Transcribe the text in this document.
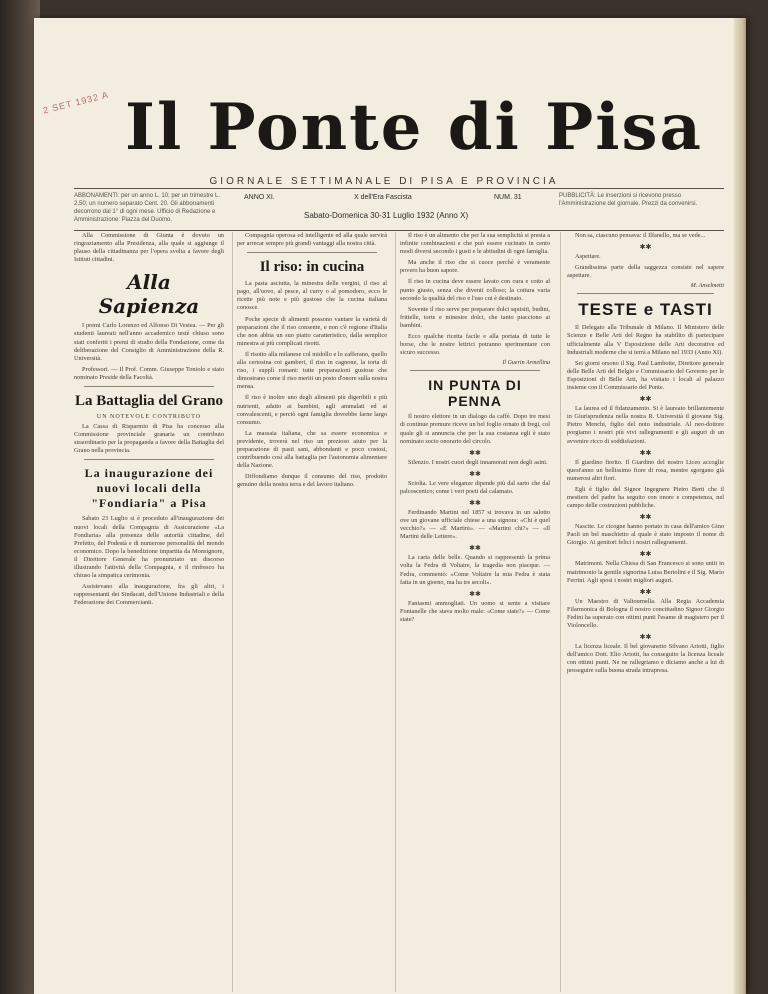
2 SET 1932 A Il Ponte di Pisa
GIORNALE SETTIMANALE DI PISA E PROVINCIA
ABBONAMENTI: per un anno L. 10; per un trimestre L. 2,50; un numero separato Cent. 20. Gli abbonamenti decorrono dal 1° di ogni mese. Ufficio di Redazione e Amministrazione: Piazza del Duomo.
ANNO XI.	X dell'Era Fascista	NUM. 31
Sabato-Domenica 30-31 Luglio 1932 (Anno X)
PUBBLICITÀ: Le inserzioni si ricevono presso l'Amministrazione del giornale. Prezzi da convenirsi.

Alla Commissione di Giunta è dovuto un ringraziamento alla Presidenza, alla quale si aggiunge il plauso della cittadinanza per l'opera svolta a favore degli Istituti cittadini.

Alla Sapienza

I premi Carlo Lorenzo ed Alfonso Di Vestea. — Per gli studenti laureati nell'anno accademico testè chiuso sono stati conferiti i premi di studio della Fondazione, come da deliberazione del Consiglio di Amministrazione della R. Università.

Professori. — Il Prof. Comm. Giuseppe Toniolo e stato nominato Preside della Facoltà.

La Battaglia del Grano
UN NOTEVOLE CONTRIBUTO

La Cassa di Risparmio di Pisa ha concesso alla Commissione provinciale granaria un contributo straordinario per la propaganda a favore della Battaglia del Grano nella provincia.

La inaugurazione dei nuovi locali della "Fondiaria" a Pisa

Sabato 23 Luglio si è proceduto all'inaugurazione dei nuovi locali della Compagnia di Assicurazione «La Fondiaria» alla presenza delle autorità cittadine, del Prefetto, del Podestà e di numerose personalità del mondo economico. Dopo la benedizione impartita da Monsignore, il Direttore Generale ha pronunziato un discorso illustrando l'attività della Compagnia, e il rinfresco ha chiuso la simpatica cerimonia.

Assistevano alla inaugurazione, fra gli altri, i rappresentanti dei Sindacati, dell'Unione Industriali e della Federazione dei Commercianti.

Compagnia operosa ed intelligente ed alla quale servirà per arrecar sempre più grandi vantaggi alla nostra città.

Il riso: in cucina

La pasta asciutta, la minestra delle vergini, il riso al pago, all'uovo, al pesce, al curry o al pomodoro, ecco le ricette più note e più gustose che la cucina italiana conosce.

Poche specie di alimenti possono vantare la varietà di preparazioni che il riso consente, e non c'è regione d'Italia che non abbia un suo piatto caratteristico, dalla semplice minestra ai più complicati risotti.

Il risotto alla milanese col midollo e lo zafferano, quello alla certosina coi gamberi, il riso in cagnone, la torta di riso, i supplì romani: tutte preparazioni gustose che dimostrano come il riso meriti un posto d'onore sulla nostra mensa.

Il riso è inoltre uno degli alimenti più digeribili e più nutrienti, adatto ai bambini, agli ammalati ed ai convalescenti, e perciò ogni famiglia dovrebbe farne largo consumo.

La massaia italiana, che sa essere economica e previdente, troverà nel riso un prezioso aiuto per la preparazione di pasti sani, abbondanti e poco costosi, contribuendo così alla battaglia per l'autonomia alimentare della Nazione.

Diffondiamo dunque il consumo del riso, prodotto genuino della nostra terra e del lavoro italiano.

Il riso è un alimento che per la sua semplicità si presta a infinite combinazioni e che può essere cucinato in cento modi diversi secondo i gusti e le abitudini di ogni famiglia.

Ma anche il riso che si cuoce perchè è veramente povero ha buon sapore.

Il riso in cucina deve essere lavato con cura e cotto al punto giusto, senza che diventi colloso; la cottura varia secondo la qualità del riso e l'uso cui è destinato.

Sovente il riso serve per preparare dolci squisiti, budini, frittelle, torte e minestre dolci, che tanto piacciono ai bambini.

Ecco qualche ricetta facile e alla portata di tutte le borse, che le nostre lettrici potranno sperimentare con sicuro successo.

Il Guerin Armellina
IN PUNTA DI PENNA

Il nostro elettore in un dialogo da caffè. Dopo tre mesi di continue premure riceve un bel foglio ornato di fregi, col quale gli si annuncia che per la sua costanza egli è stato nominato socio onorario del circolo.

✱✱

Silenzio. I nostri cuori degli innamorati non degli asini.

✱✱

Sciolta. Le vere eleganze dipende più dal sarto che dal palcoscenico; come i veri poeti dal calamaio.

✱✱

Ferdinando Martini nel 1857 si trovava in un salotto ove un giovane ufficiale chiese a una signora: «Chi è quel vecchio?» — «È Martini». — «Martini chi?» — «Il Martini delle Lettere».

✱✱

La carta delle belle. Quando si rappresentò la prima volta la Fedra di Voltaire, la tragedia non piacque. — Fedra, commentò: «Come Voltaire la mia Fedra è stata fatta in un giorno, ma ha tre secoli».

✱✱

Fantasmi ammogliati. Un uomo si sente a visitare Fontanelle che stava molto male: «Come state?» — Come state?

Non sa, ciascuno pensava: il Ilfanello, ma se vede...

✱✱

Aspettare.

Grandissima parte della saggezza consiste nel sapere aspettare.

M. Anselmetti
TESTE e TASTI

Il Delegato alla Tribunale di Milano. Il Ministero delle Scienze e Belle Arti del Regno ha stabilito di partecipare ufficialmente alla V Esposizione delle Arti decorative ed Industriali moderne che si terrà a Milano nel 1933 (Anno XI).

Sei giorni orsono il Sig. Paul Lambotte, Direttore generale delle Belle Arti del Belgio e Commissario del Governo per le Esposizioni di Belle Arti, ha visitato i locali al palazzo insieme con il Commissario del Ponte.

✱✱

La laurea ed il fidanzamento. Si è laureato brillantemente in Giurisprudenza nella nostra R. Università il giovane Sig. Pietro Menchi, figlio del noto industriale. Al neo-dottore porgiamo i nostri più vivi rallegramenti e gli auguri di un avvenire ricco di soddisfazioni.

✱✱

Il giardino fiorito. Il Giardino del nostro Liceo accoglie quest'anno un bellissimo fiore di rosa, mentre sgorgano già numerosi altri fiori.

Egli è figlio del Signor Ingegnere Pietro Berti che il mestiere del padre ha seguito con onore e competenza, nel campo delle costruzioni pubbliche.

✱✱

Nascite. Le cicogne hanno portato in casa dell'amico Gino Paoli un bel maschietto al quale è stato imposto il nome di Giorgio. Ai genitori felici i nostri rallegramenti.

✱✱

Matrimoni. Nella Chiesa di San Francesco si sono uniti in matrimonio la gentile signorina Luisa Bertolini e il Sig. Mario Ferrini. Agli sposi i nostri migliori auguri.

✱✱

Un Maestro di Valtournella. Alla Regia Accademia Filarmonica di Bologna il nostro concittadino Signor Giorgio Fedini ha superato con ottimi punti l'esame di magistero per il Violoncello.

✱✱

La licenza liceale. Il bel giovanetto Silvano Ariotti, figlio dell'amico Dott. Elio Ariotti, ha conseguito la licenza liceale con ottimi punti. Ne ne rallegriamo e diciamo anche a lui di proseguire sulla buona strada intrapresa.
